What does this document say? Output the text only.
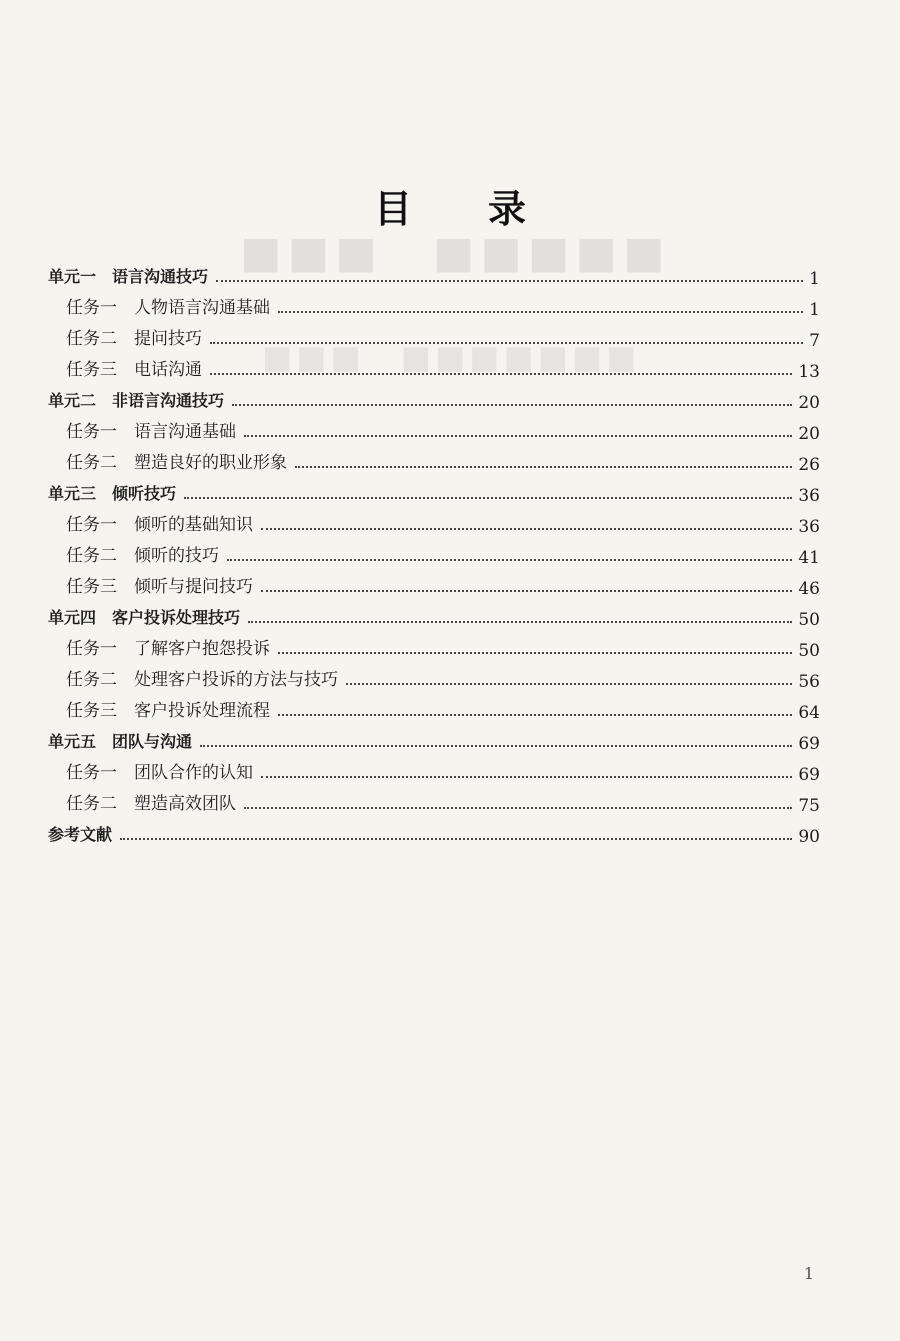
■■■　■■■■■
■■■　■■■■■■■
目　　录
单元一　语言沟通技巧	1
任务一　人物语言沟通基础	1
任务二　提问技巧	7
任务三　电话沟通	13
单元二　非语言沟通技巧	20
任务一　语言沟通基础	20
任务二　塑造良好的职业形象	26
单元三　倾听技巧	36
任务一　倾听的基础知识	36
任务二　倾听的技巧	41
任务三　倾听与提问技巧	46
单元四　客户投诉处理技巧	50
任务一　了解客户抱怨投诉	50
任务二　处理客户投诉的方法与技巧	56
任务三　客户投诉处理流程	64
单元五　团队与沟通	69
任务一　团队合作的认知	69
任务二　塑造高效团队	75
参考文献	90
1
